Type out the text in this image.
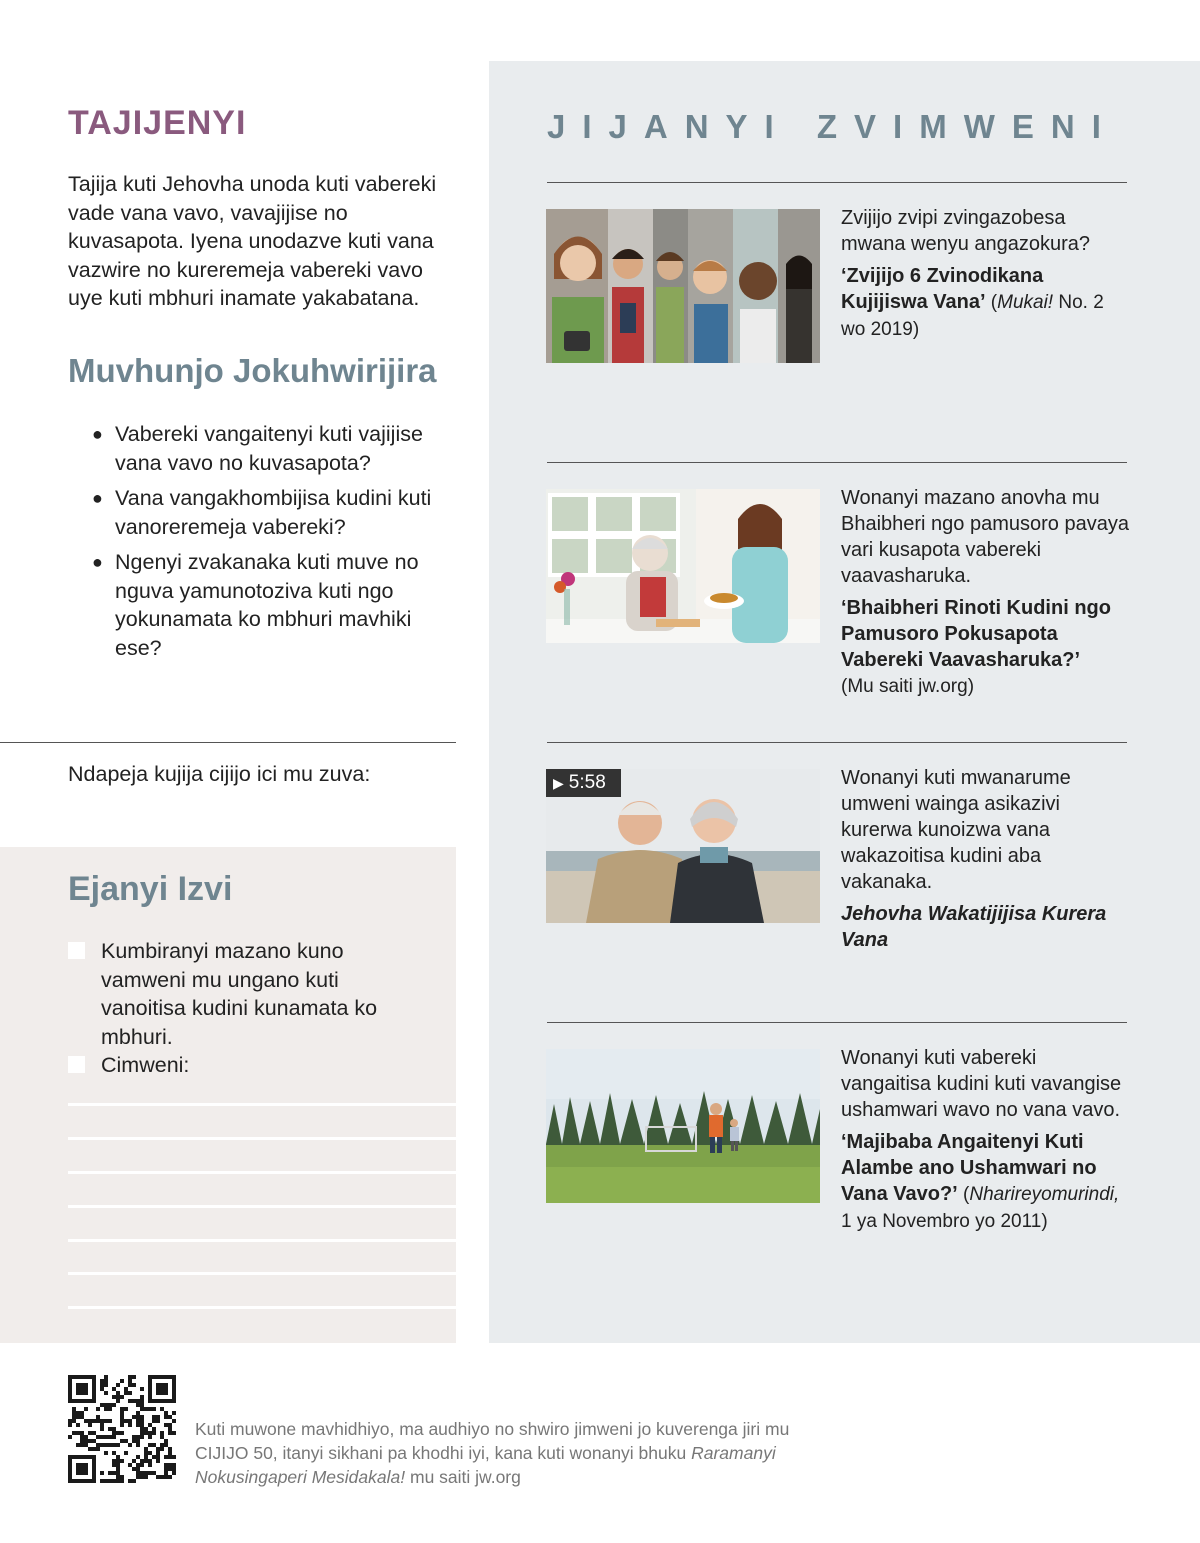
TAJIJENYI

Tajija kuti Jehovha unoda kuti vabereki vade vana vavo, vavajijise no kuvasapota. Iyena unodazve kuti vana vazwire no kureremeja vabereki vavo uye kuti mbhuri inamate yakabatana.

Muvhunjo Jokuhwirijira
● Vabereki vangaitenyi kuti vajijise vana vavo no kuvasapota?
● Vana vangakhombijisa kudini kuti vanoreremeja vabereki?
● Ngenyi zvakanaka kuti muve no nguva yamunotoziva kuti ngo yokunamata ko mbhuri mavhiki ese?

Ndapeja kujija cijijo ici mu zuva:

Ejanyi Izvi
Kumbiranyi mazano kuno vamweni mu ungano kuti vanoitisa kudini kunamata ko mbhuri.
Cimweni:
JIJANYI ZVIMWENI
Zvijijo zvipi zvingazobesa mwana wenyu angazokura?
‘Zvijijo 6 Zvinodikana Kujijiswa Vana’ (Mukai! No. 2 wo 2019)
Wonanyi mazano anovha mu Bhaibheri ngo pamusoro pavaya vari kusapota vabereki vaavasharuka.
‘Bhaibheri Rinoti Kudini ngo Pamusoro Pokusapota Vabereki Vaavasharuka?’
(Mu saiti jw.org)
▶ 5:58	Wonanyi kuti mwanarume umweni wainga asikazivi kurerwa kunoizwa vana wakazoitisa kudini aba vakanaka.
Jehovha Wakatijijisa Kurera Vana
Wonanyi kuti vabereki vangaitisa kudini kuti vavangise ushamwari wavo no vana vavo.
‘Majibaba Angaitenyi Kuti Alambe ano Ushamwari no Vana Vavo?’ (Nharireyomurindi, 1 ya Novembro yo 2011)

Kuti muwone mavhidhiyo, ma audhiyo no shwiro jimweni jo kuverenga jiri mu CIJIJO 50, itanyi sikhani pa khodhi iyi, kana kuti wonanyi bhuku Raramanyi Nokusingaperi Mesidakala! mu saiti jw.org
